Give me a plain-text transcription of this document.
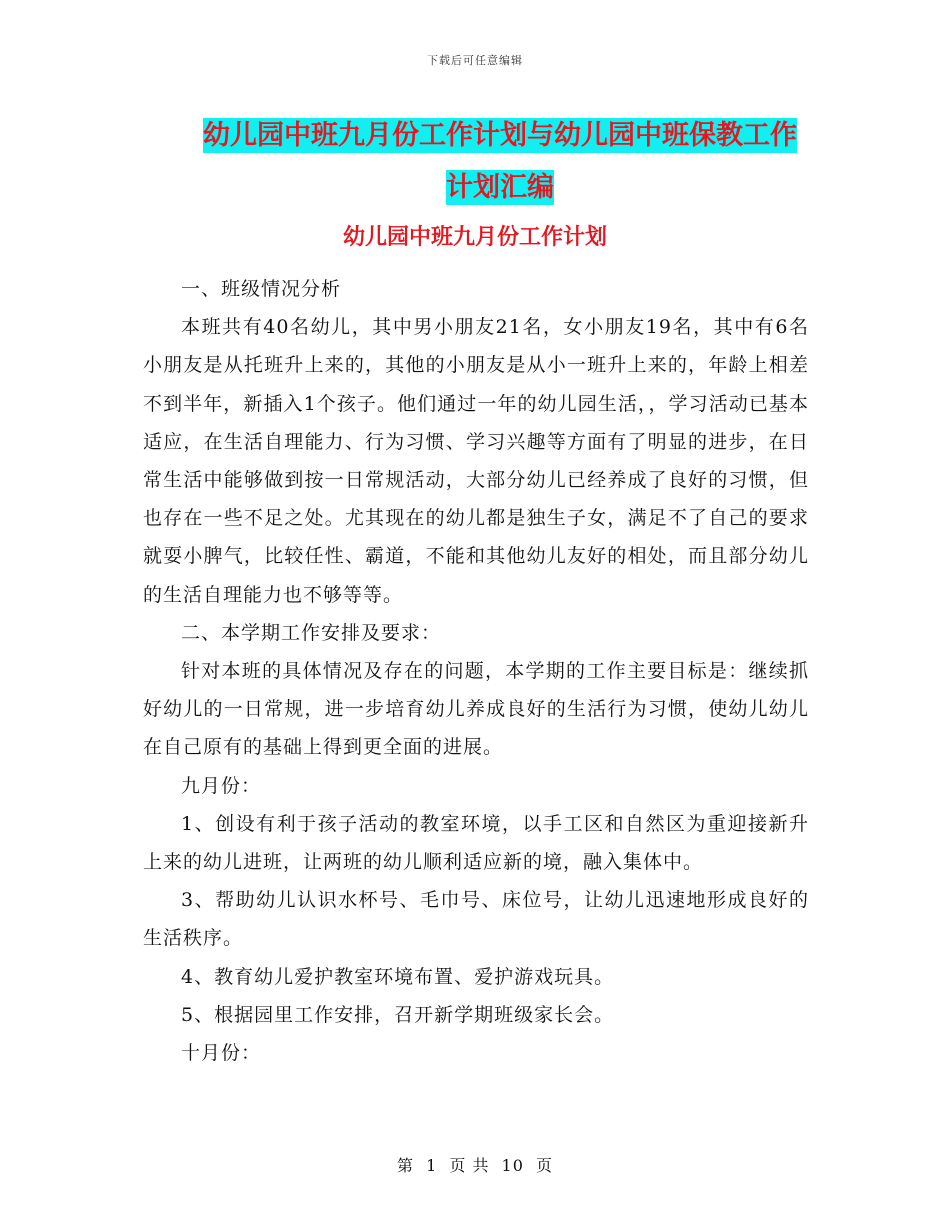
下载后可任意编辑
幼儿园中班九月份工作计划与幼儿园中班保教工作计划汇编
幼儿园中班九月份工作计划

一、班级情况分析

本班共有40名幼儿，其中男小朋友21名，女小朋友19名，其中有6名小朋友是从托班升上来的，其他的小朋友是从小一班升上来的，年龄上相差不到半年，新插入1个孩子。他们通过一年的幼儿园生活，，学习活动已基本适应，在生活自理能力、行为习惯、学习兴趣等方面有了明显的进步，在日常生活中能够做到按一日常规活动，大部分幼儿已经养成了良好的习惯，但也存在一些不足之处。尤其现在的幼儿都是独生子女，满足不了自己的要求就耍小脾气，比较任性、霸道，不能和其他幼儿友好的相处，而且部分幼儿的生活自理能力也不够等等。

二、本学期工作安排及要求：

针对本班的具体情况及存在的问题，本学期的工作主要目标是：继续抓好幼儿的一日常规，进一步培育幼儿养成良好的生活行为习惯，使幼儿幼儿在自己原有的基础上得到更全面的进展。

九月份：

1、创设有利于孩子活动的教室环境，以手工区和自然区为重迎接新升上来的幼儿进班，让两班的幼儿顺利适应新的境，融入集体中。

3、帮助幼儿认识水杯号、毛巾号、床位号，让幼儿迅速地形成良好的生活秩序。

4、教育幼儿爱护教室环境布置、爱护游戏玩具。

5、根据园里工作安排，召开新学期班级家长会。

十月份：

第 1 页 共 10 页
